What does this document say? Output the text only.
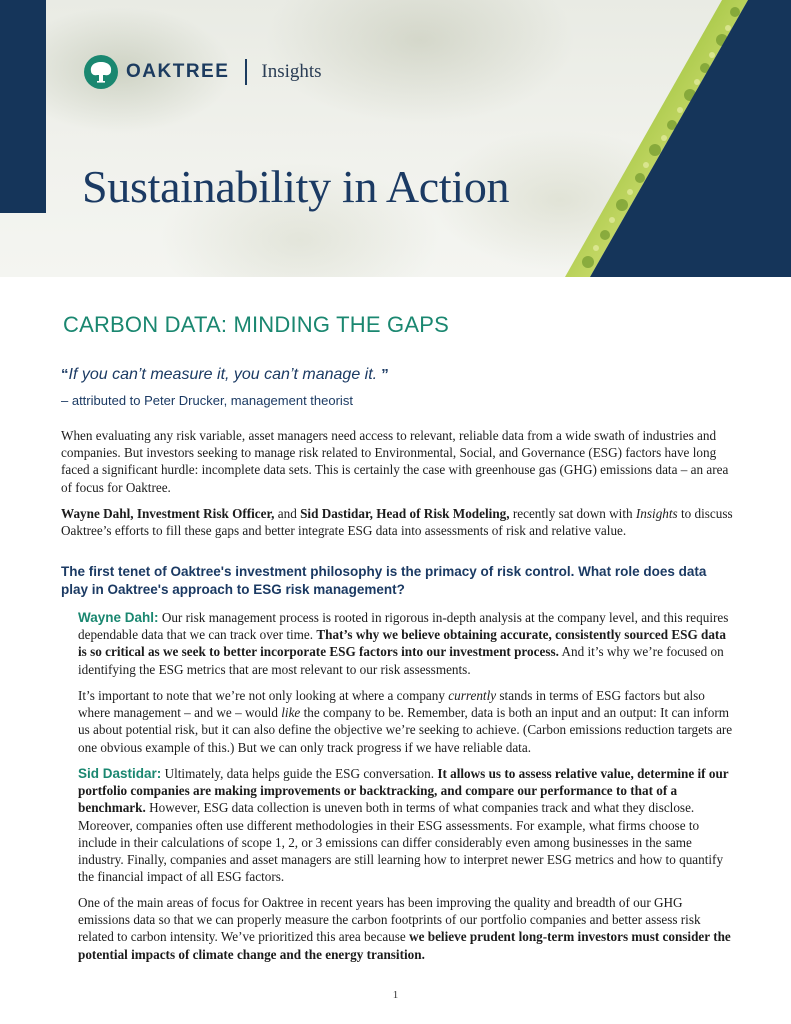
OAKTREE Insights
Sustainability in Action
CARBON DATA: MINDING THE GAPS

“If you can’t measure it, you can’t manage it. ”

– attributed to Peter Drucker, management theorist

When evaluating any risk variable, asset managers need access to relevant, reliable data from a wide swath of industries and companies. But investors seeking to manage risk related to Environmental, Social, and Governance (ESG) factors have long faced a significant hurdle: incomplete data sets. This is certainly the case with greenhouse gas (GHG) emissions data – an area of focus for Oaktree.

Wayne Dahl, Investment Risk Officer, and Sid Dastidar, Head of Risk Modeling, recently sat down with Insights to discuss Oaktree’s efforts to fill these gaps and better integrate ESG data into assessments of risk and relative value.

The first tenet of Oaktree's investment philosophy is the primacy of risk control. What role does data play in Oaktree's approach to ESG risk management?

Wayne Dahl: Our risk management process is rooted in rigorous in-depth analysis at the company level, and this requires dependable data that we can track over time. That’s why we believe obtaining accurate, consistently sourced ESG data is so critical as we seek to better incorporate ESG factors into our investment process. And it’s why we’re focused on identifying the ESG metrics that are most relevant to our risk assessments.

It’s important to note that we’re not only looking at where a company currently stands in terms of ESG factors but also where management – and we – would like the company to be. Remember, data is both an input and an output: It can inform us about potential risk, but it can also define the objective we’re seeking to achieve. (Carbon emissions reduction targets are one obvious example of this.) But we can only track progress if we have reliable data.

Sid Dastidar: Ultimately, data helps guide the ESG conversation. It allows us to assess relative value, determine if our portfolio companies are making improvements or backtracking, and compare our performance to that of a benchmark. However, ESG data collection is uneven both in terms of what companies track and what they disclose. Moreover, companies often use different methodologies in their ESG assessments. For example, what firms choose to include in their calculations of scope 1, 2, or 3 emissions can differ considerably even among businesses in the same industry. Finally, companies and asset managers are still learning how to interpret newer ESG metrics and how to quantify the financial impact of all ESG factors.

One of the main areas of focus for Oaktree in recent years has been improving the quality and breadth of our GHG emissions data so that we can properly measure the carbon footprints of our portfolio companies and better assess risk related to carbon intensity. We’ve prioritized this area because we believe prudent long-term investors must consider the potential impacts of climate change and the energy transition.

1
